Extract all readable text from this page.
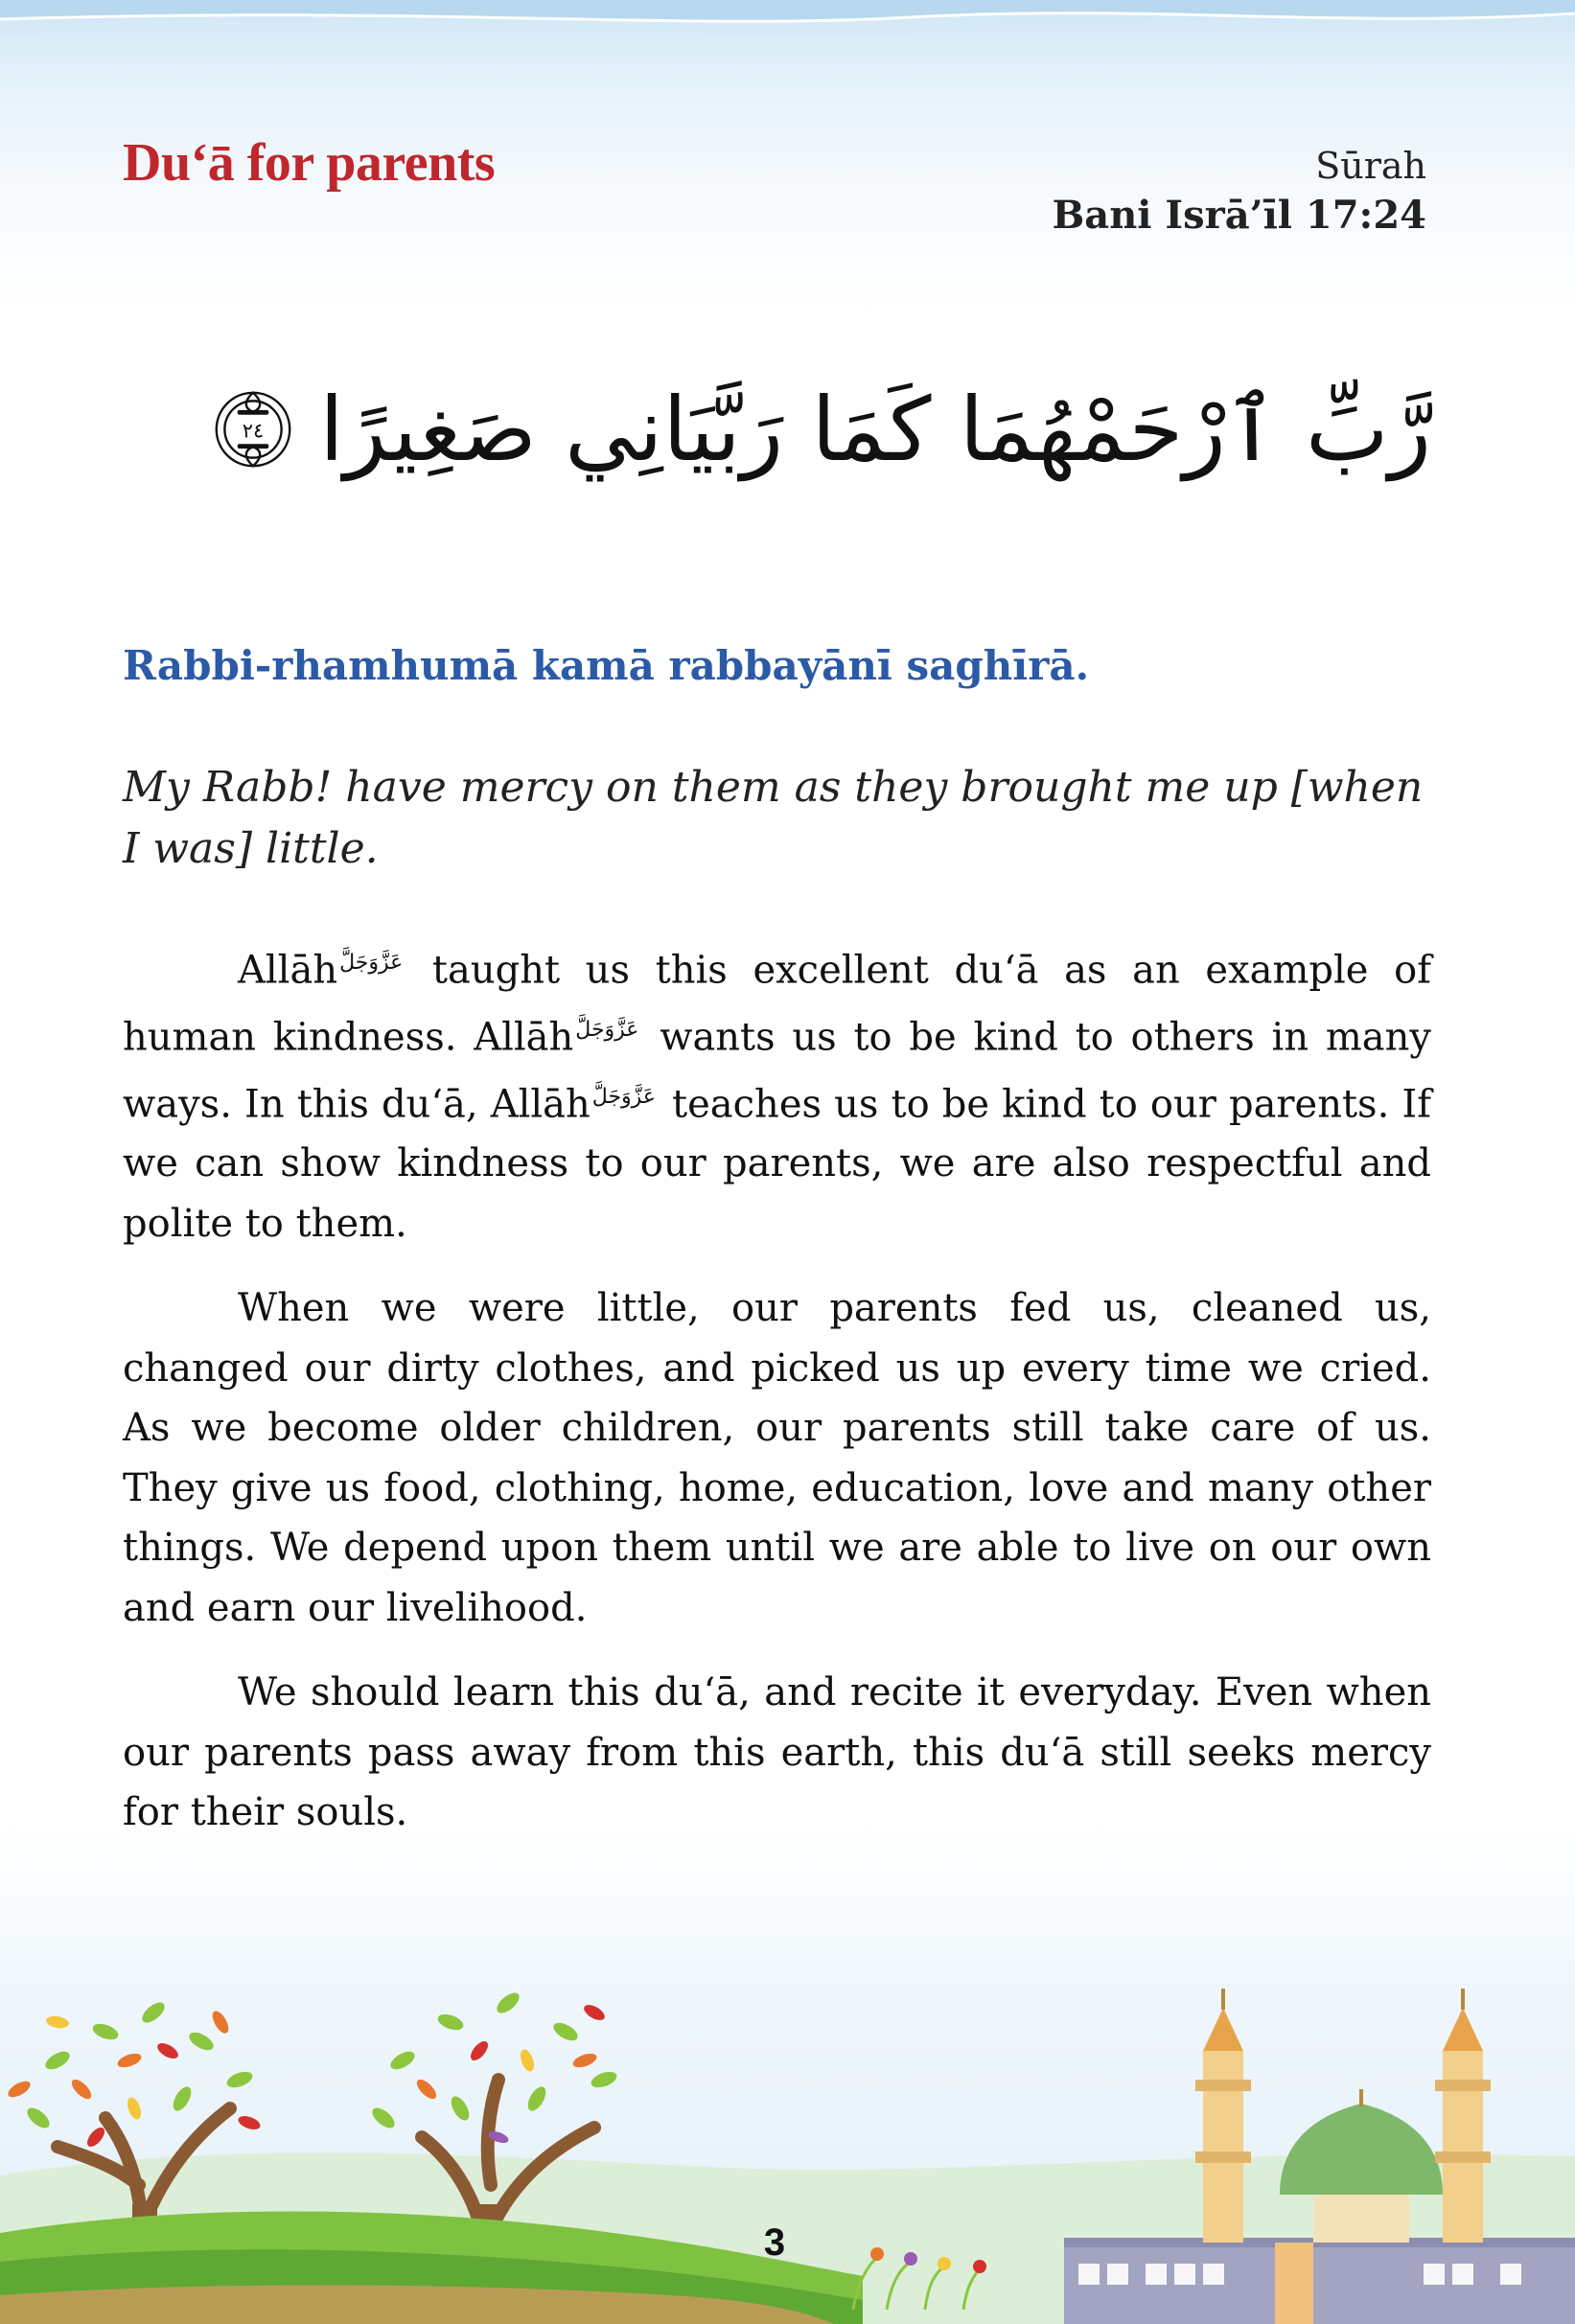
Du‘ā for parents	Sūrah
Bani Isrā’īl 17:24
رَّبِّ ٱرْحَمْهُمَا كَمَا رَبَّيَانِي صَغِيرًا
٢٤

Rabbi-rhamhumā kamā rabbayānī saghīrā.

My Rabb! have mercy on them as they brought me up [when I was] little.

Allāh$^{عَزَّوَجَلَّ}$ taught us this excellent du‘ā as an example of human kindness. Allāh$^{عَزَّوَجَلَّ}$ wants us to be kind to others in many ways. In this du‘ā, Allāh$^{عَزَّوَجَلَّ}$ teaches us to be kind to our parents. If we can show kindness to our parents, we are also respectful and polite to them.

When we were little, our parents fed us, cleaned us, changed our dirty clothes, and picked us up every time we cried. As we become older children, our parents still take care of us. They give us food, clothing, home, education, love and many other things. We depend upon them until we are able to live on our own and earn our livelihood.

We should learn this du‘ā, and recite it everyday. Even when our parents pass away from this earth, this du‘ā still seeks mercy for their souls.

3
